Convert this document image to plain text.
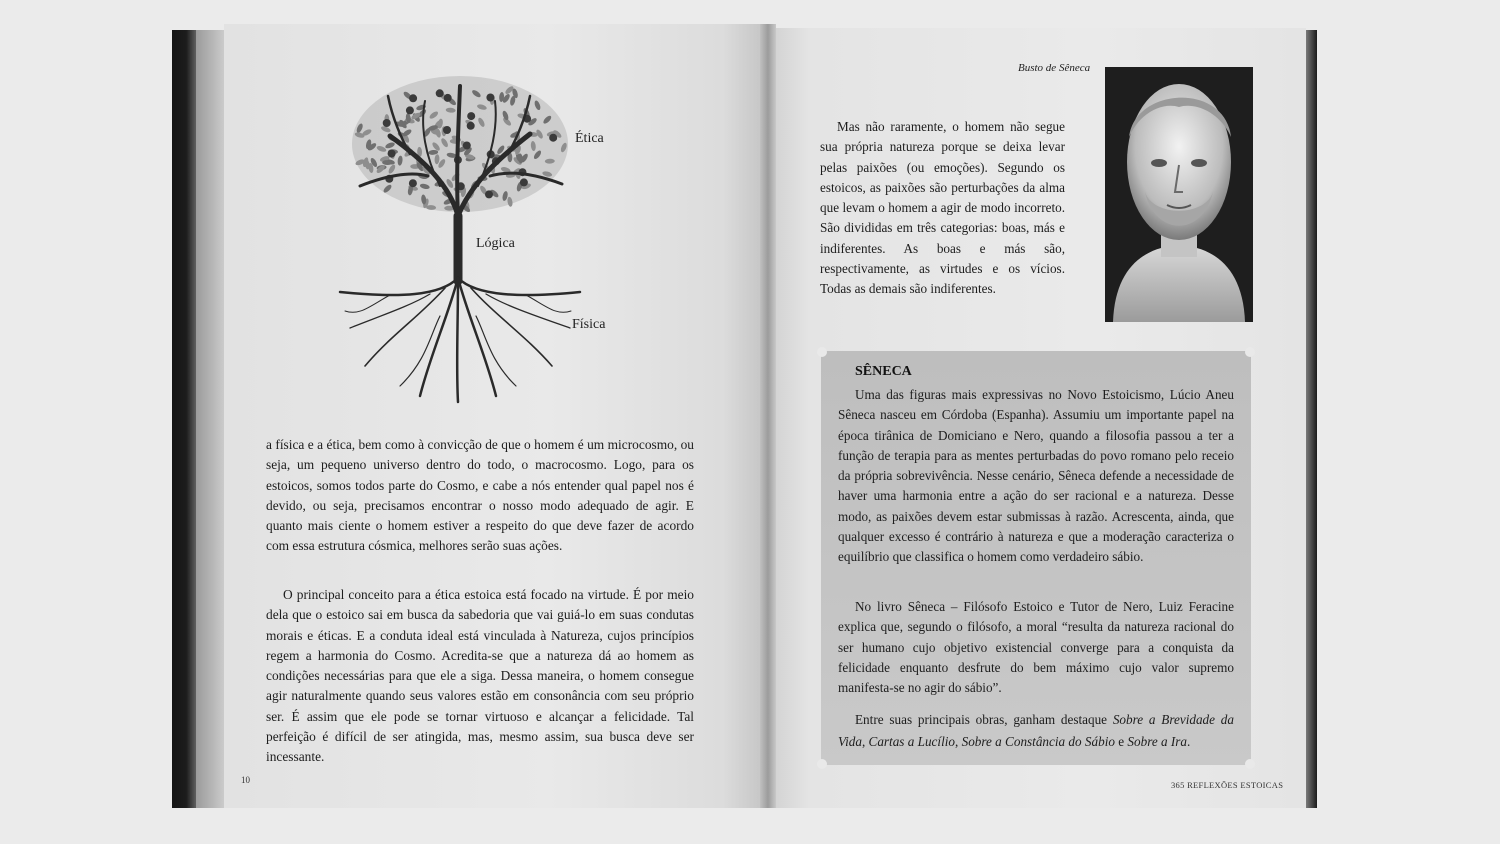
Ética
Lógica
Física

a física e a ética, bem como à convicção de que o homem é um microcosmo, ou seja, um pequeno universo dentro do todo, o macrocosmo. Logo, para os estoicos, somos todos parte do Cosmo, e cabe a nós entender qual papel nos é devido, ou seja, precisamos encontrar o nosso modo adequado de agir. E quanto mais ciente o homem estiver a respeito do que deve fazer de acordo com essa estrutura cósmica, melhores serão suas ações.

O principal conceito para a ética estoica está focado na virtude. É por meio dela que o estoico sai em busca da sabedoria que vai guiá-lo em suas condutas morais e éticas. E a conduta ideal está vinculada à Natureza, cujos princípios regem a harmonia do Cosmo. Acredita-se que a natureza dá ao homem as condições necessárias para que ele a siga. Dessa maneira, o homem consegue agir naturalmente quando seus valores estão em consonância com seu próprio ser. É assim que ele pode se tornar virtuoso e alcançar a felicidade. Tal perfeição é difícil de ser atingida, mas, mesmo assim, sua busca deve ser incessante.

10
Busto de Sêneca

Mas não raramente, o homem não segue sua própria natureza porque se deixa levar pelas paixões (ou emoções). Segundo os estoicos, as paixões são perturbações da alma que levam o homem a agir de modo incorreto. São divididas em três categorias: boas, más e indiferentes. As boas e más são, respectivamente, as virtudes e os vícios. Todas as demais são indiferentes.

SÊNECA

Uma das figuras mais expressivas no Novo Estoicismo, Lúcio Aneu Sêneca nasceu em Córdoba (Espanha). Assumiu um importante papel na época tirânica de Domiciano e Nero, quando a filosofia passou a ter a função de terapia para as mentes perturbadas do povo romano pelo receio da própria sobrevivência. Nesse cenário, Sêneca defende a necessidade de haver uma harmonia entre a ação do ser racional e a natureza. Desse modo, as paixões devem estar submissas à razão. Acrescenta, ainda, que qualquer excesso é contrário à natureza e que a moderação caracteriza o equilíbrio que classifica o homem como verdadeiro sábio.

No livro Sêneca – Filósofo Estoico e Tutor de Nero, Luiz Feracine explica que, segundo o filósofo, a moral “resulta da natureza racional do ser humano cujo objetivo existencial converge para a conquista da felicidade enquanto desfrute do bem máximo cujo valor supremo manifesta-se no agir do sábio”.

Entre suas principais obras, ganham destaque Sobre a Brevidade da Vida, Cartas a Lucílio, Sobre a Constância do Sábio e Sobre a Ira.

365 REFLEXÕES ESTOICAS
